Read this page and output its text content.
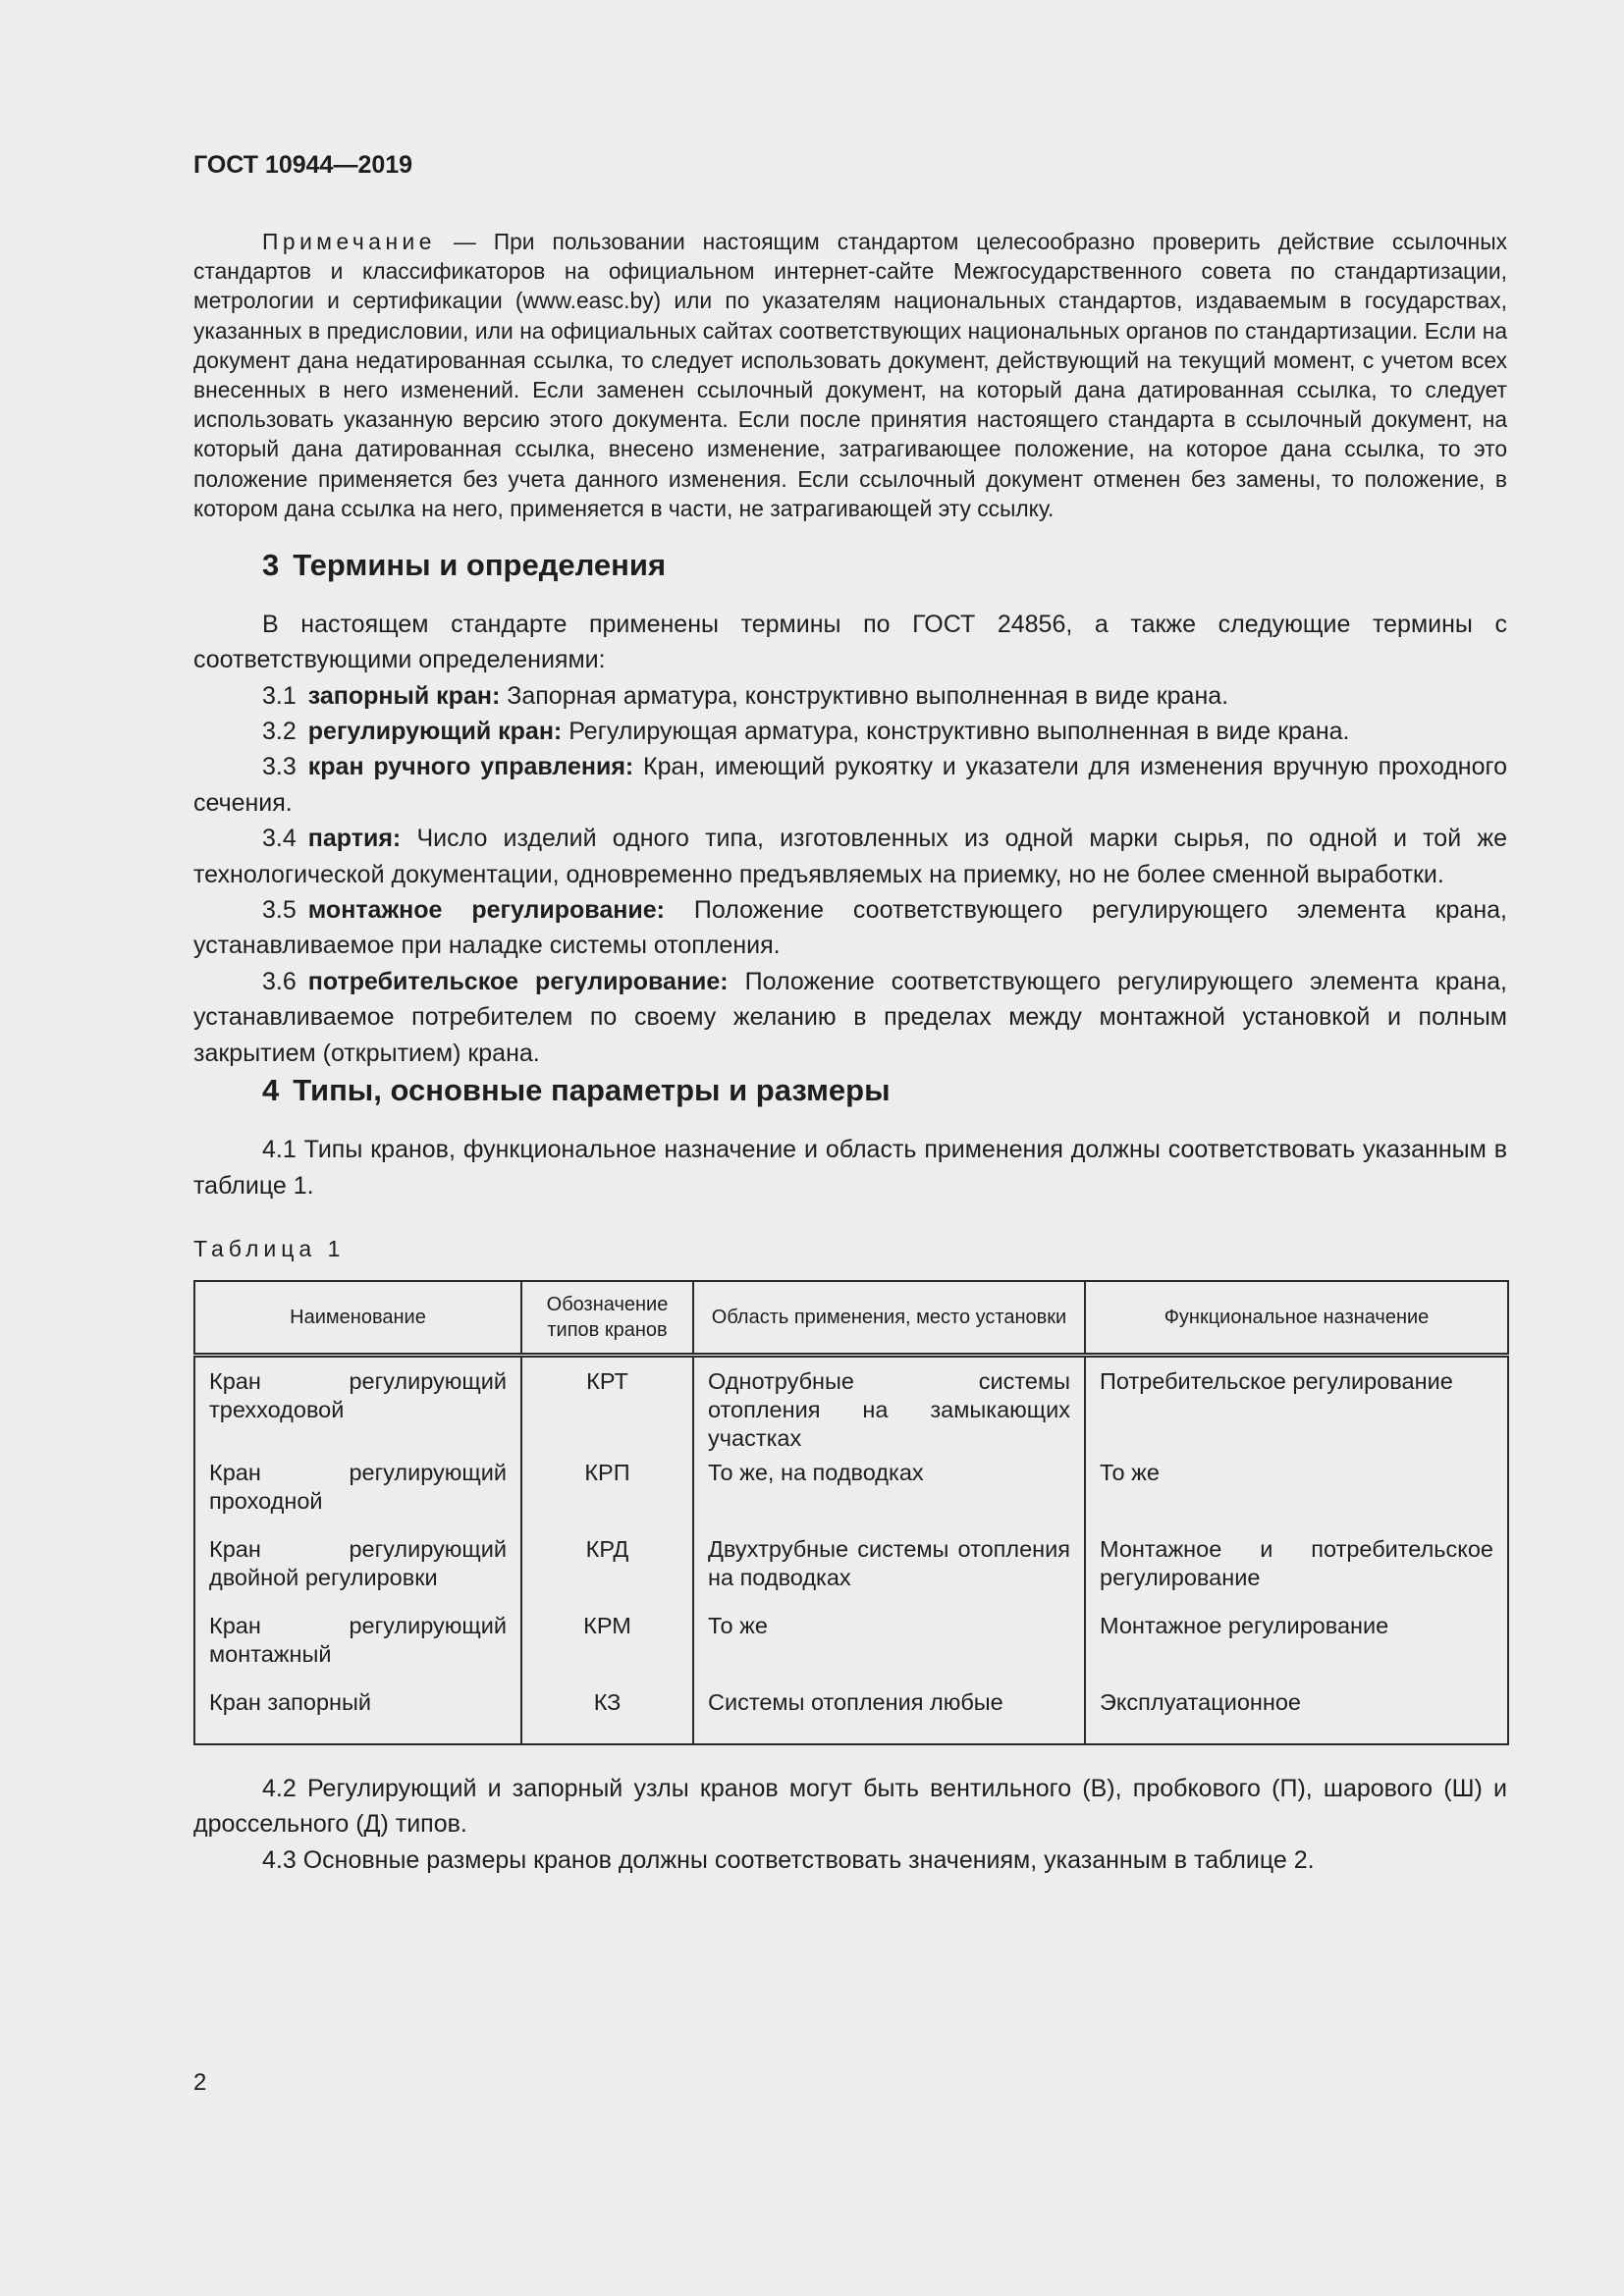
ГОСТ 10944—2019

Примечание — При пользовании настоящим стандартом целесообразно проверить действие ссылочных стандартов и классификаторов на официальном интернет-сайте Межгосударственного совета по стандартизации, метрологии и сертификации (www.easc.by) или по указателям национальных стандартов, издаваемым в государствах, указанных в предисловии, или на официальных сайтах соответствующих национальных органов по стандартизации. Если на документ дана недатированная ссылка, то следует использовать документ, действующий на текущий момент, с учетом всех внесенных в него изменений. Если заменен ссылочный документ, на который дана датированная ссылка, то следует использовать указанную версию этого документа. Если после принятия настоящего стандарта в ссылочный документ, на который дана датированная ссылка, внесено изменение, затрагивающее положение, на которое дана ссылка, то это положение применяется без учета данного изменения. Если ссылочный документ отменен без замены, то положение, в котором дана ссылка на него, применяется в части, не затрагивающей эту ссылку.

3 Термины и определения

В настоящем стандарте применены термины по ГОСТ 24856, а также следующие термины с соответствующими определениями:

3.1 запорный кран: Запорная арматура, конструктивно выполненная в виде крана.

3.2 регулирующий кран: Регулирующая арматура, конструктивно выполненная в виде крана.

3.3 кран ручного управления: Кран, имеющий рукоятку и указатели для изменения вручную проходного сечения.

3.4 партия: Число изделий одного типа, изготовленных из одной марки сырья, по одной и той же технологической документации, одновременно предъявляемых на приемку, но не более сменной выработки.

3.5 монтажное регулирование: Положение соответствующего регулирующего элемента крана, устанавливаемое при наладке системы отопления.

3.6 потребительское регулирование: Положение соответствующего регулирующего элемента крана, устанавливаемое потребителем по своему желанию в пределах между монтажной установкой и полным закрытием (открытием) крана.

4 Типы, основные параметры и размеры

4.1 Типы кранов, функциональное назначение и область применения должны соответствовать указанным в таблице 1.

Таблица 1
Наименование	Обозначение типов кранов	Область применения, место установки	Функциональное назначение
Кран регулирующий трехходовой	КРТ	Однотрубные системы отопления на замыкающих участках	Потребительское регулирование
Кран регулирующий проходной	КРП	То же, на подводках	То же
Кран регулирующий двойной регулировки	КРД	Двухтрубные системы отопления на подводках	Монтажное и потребительское регулирование
Кран регулирующий монтажный	КРМ	То же	Монтажное регулирование
Кран запорный	КЗ	Системы отопления любые	Эксплуатационное

4.2 Регулирующий и запорный узлы кранов могут быть вентильного (В), пробкового (П), шарового (Ш) и дроссельного (Д) типов.

4.3 Основные размеры кранов должны соответствовать значениям, указанным в таблице 2.

2
